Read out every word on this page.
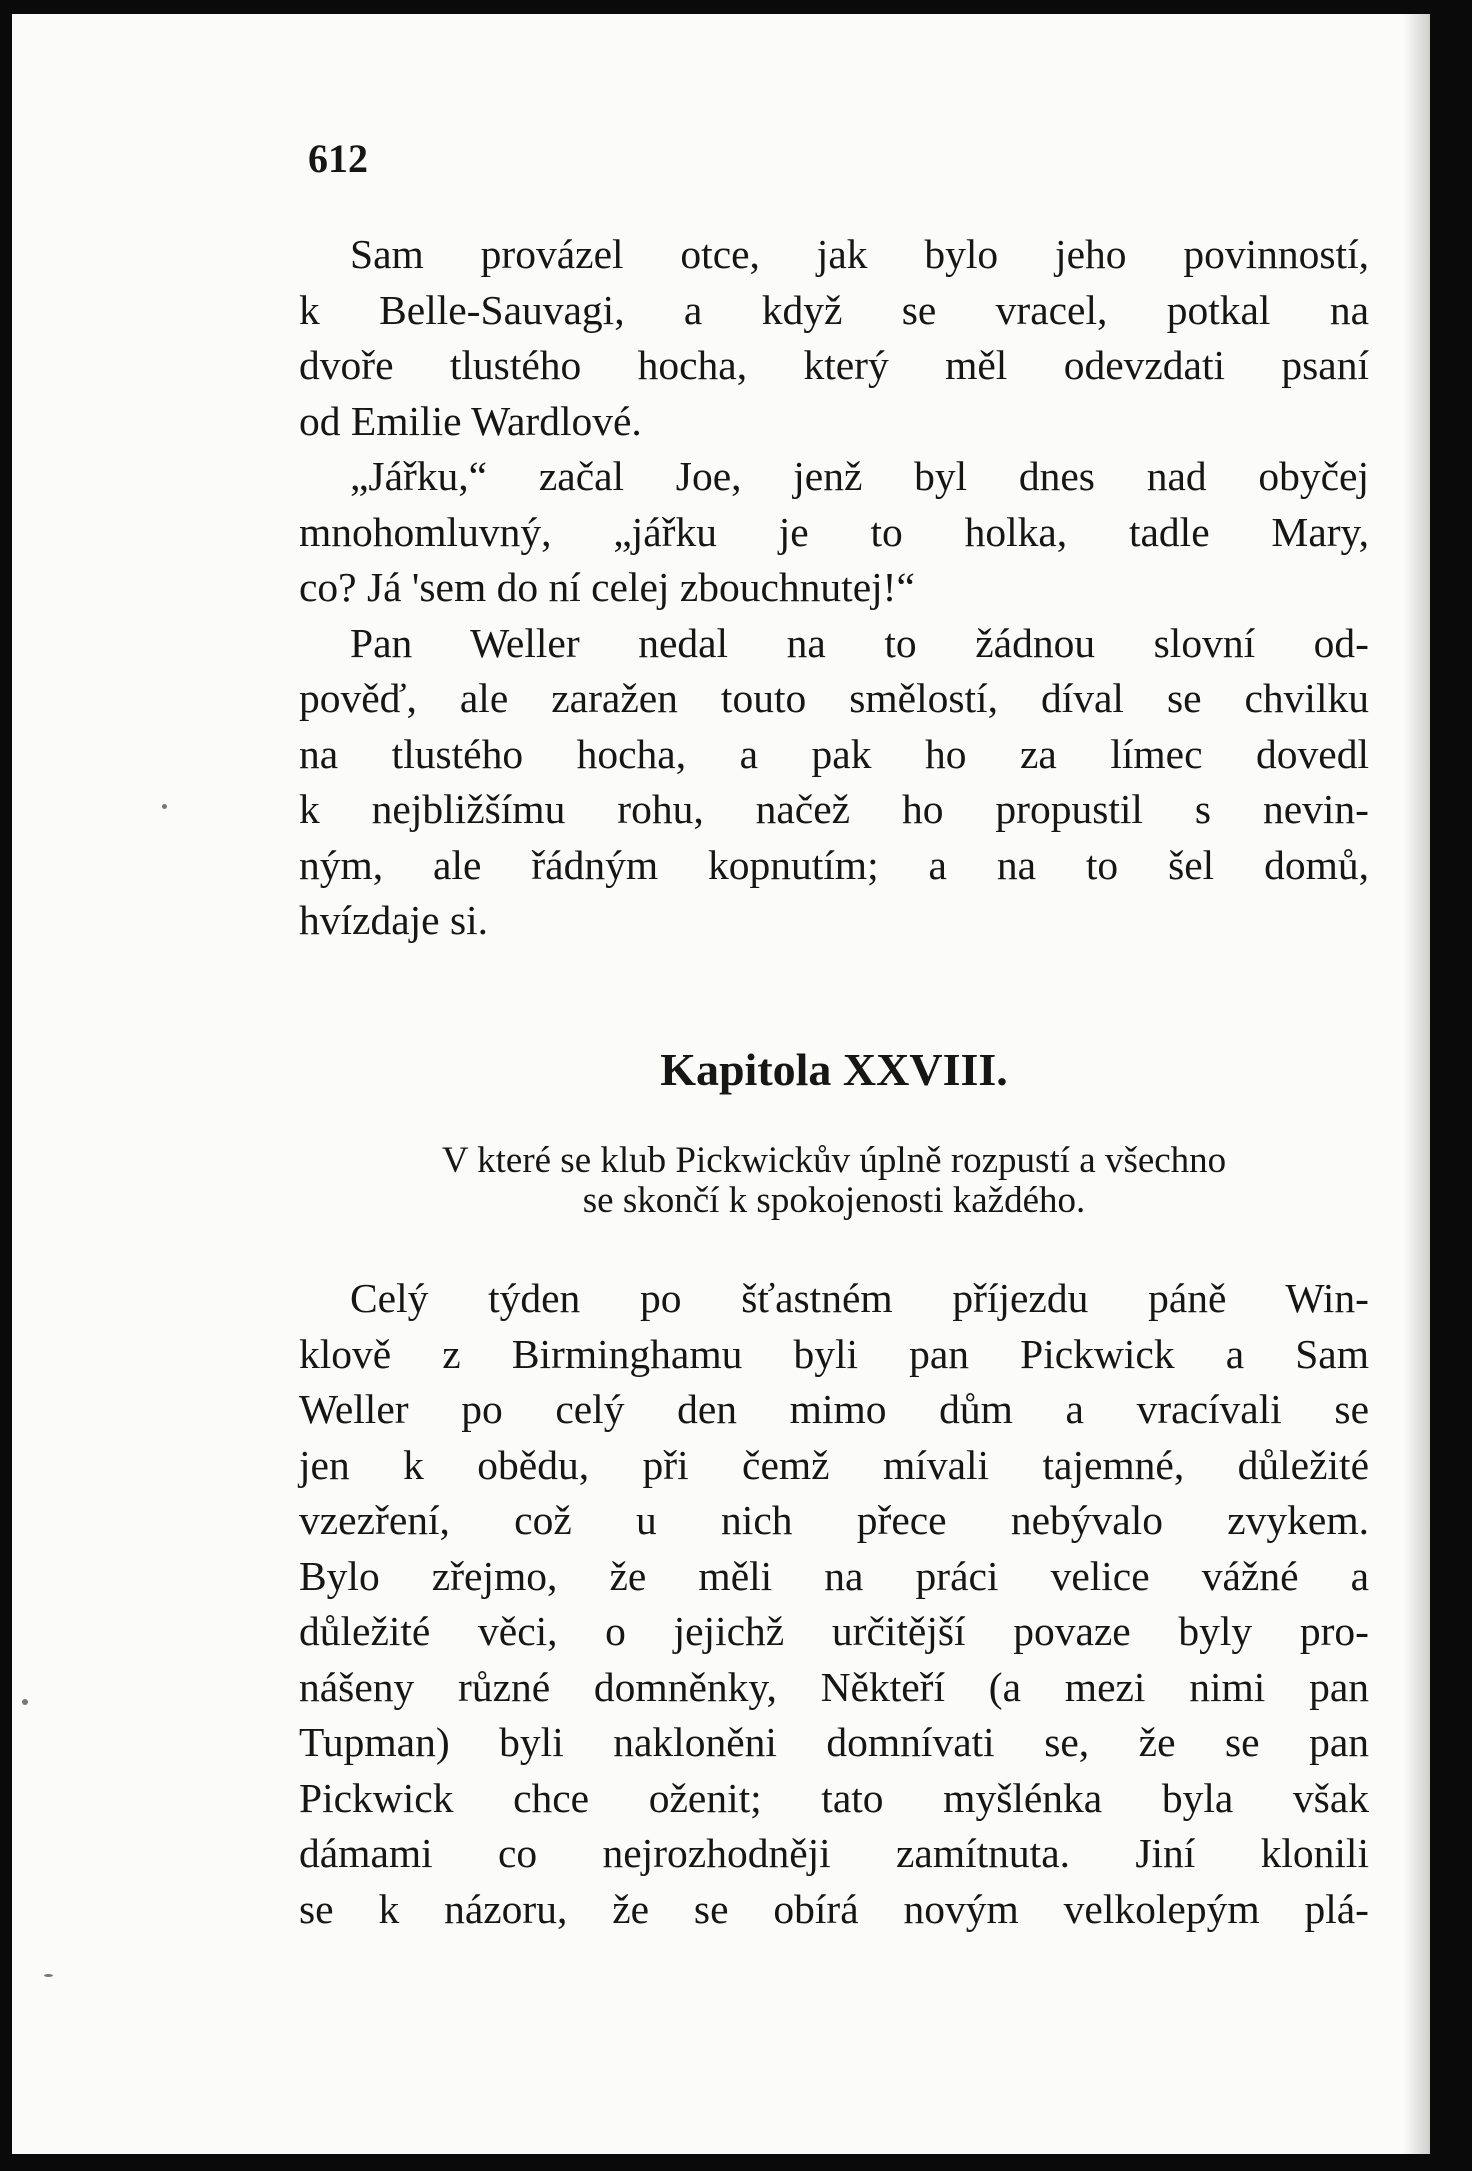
612

Sam provázel otce, jak bylo jeho povinností,

k Belle-Sauvagi, a když se vracel, potkal na

dvoře tlustého hocha, který měl odevzdati psaní

od Emilie Wardlové.

„Jářku,“ začal Joe, jenž byl dnes nad obyčej

mnohomluvný, „jářku je to holka, tadle Mary,

co? Já 'sem do ní celej zbouchnutej!“

Pan Weller nedal na to žádnou slovní od-

pověď, ale zaražen touto smělostí, díval se chvilku

na tlustého hocha, a pak ho za límec dovedl

k nejbližšímu rohu, načež ho propustil s nevin-

ným, ale řádným kopnutím; a na to šel domů,

hvízdaje si.

Kapitola XXVIII.
V které se klub Pickwickův úplně rozpustí a všechno
se skončí k spokojenosti každého.

Celý týden po šťastném příjezdu páně Win-

klově z Birminghamu byli pan Pickwick a Sam

Weller po celý den mimo dům a vracívali se

jen k obědu, při čemž mívali tajemné, důležité

vzezření, což u nich přece nebývalo zvykem.

Bylo zřejmo, že měli na práci velice vážné a

důležité věci, o jejichž určitější povaze byly pro-

nášeny různé domněnky, Někteří (a mezi nimi pan

Tupman) byli nakloněni domnívati se, že se pan

Pickwick chce oženit; tato myšlénka byla však

dámami co nejrozhodněji zamítnuta. Jiní klonili

se k názoru, že se obírá novým velkolepým plá-
